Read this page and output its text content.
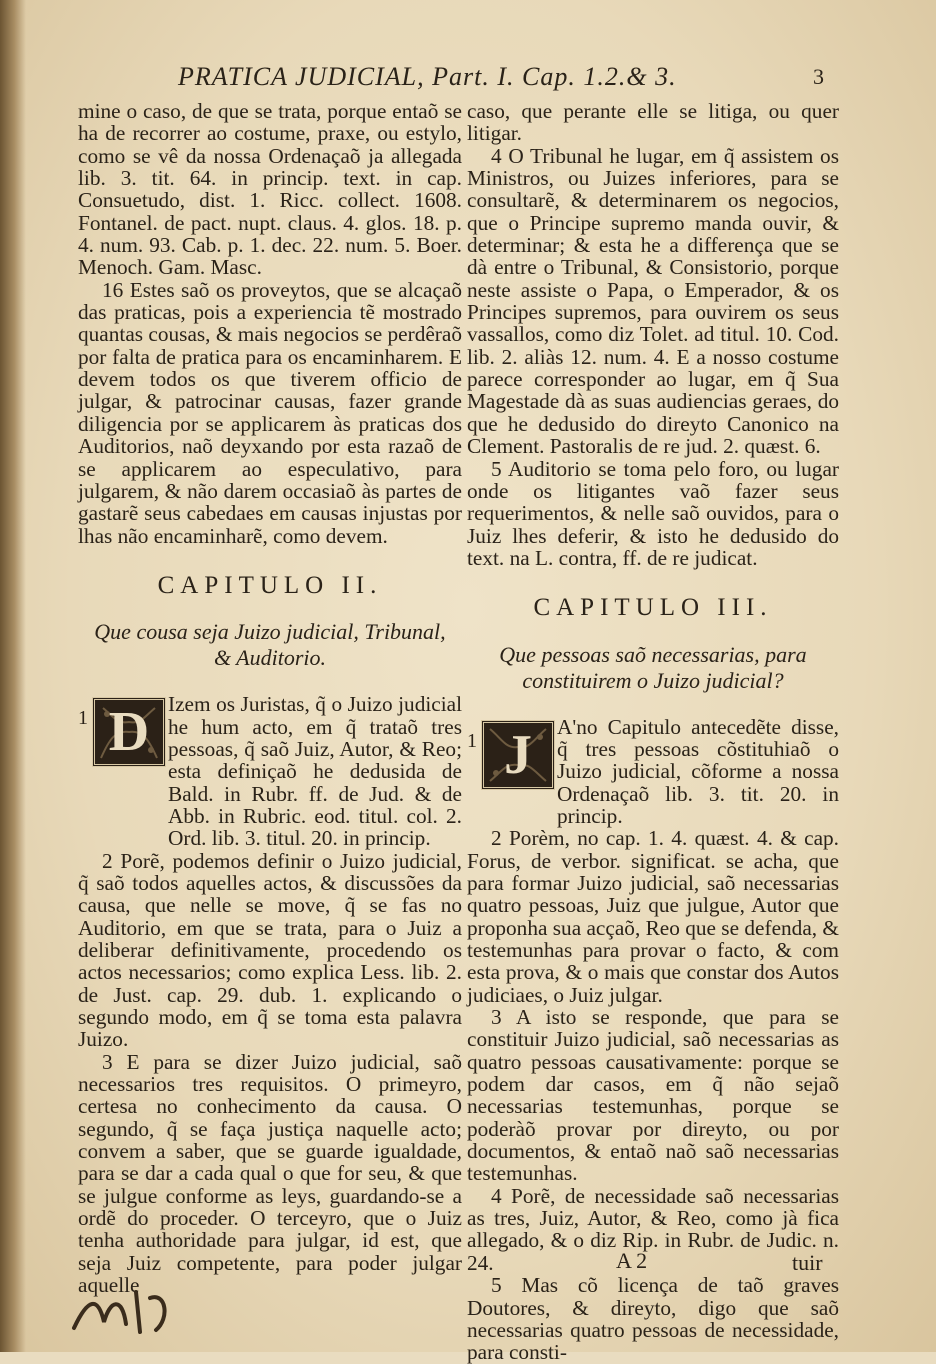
PRATICA JUDICIAL, Part. I. Cap. 1.2.& 3.	3

mine o caso, de que se trata, porque entaõ se ha de recorrer ao costume, praxe, ou estylo, como se vê da nossa Ordenaçaõ ja allegada lib. 3. tit. 64. in princip. text. in cap. Consuetudo, dist. 1. Ricc. collect. 1608. Fontanel. de pact. nupt. claus. 4. glos. 18. p. 4. num. 93. Cab. p. 1. dec. 22. num. 5. Boer. Menoch. Gam. Masc.

16 Estes saõ os proveytos, que se alcaçaõ das praticas, pois a experiencia tẽ mostrado quantas cousas, & mais negocios se perdêraõ por falta de pratica para os encaminharem. E devem todos os que tiverem officio de julgar, & patrocinar causas, fazer grande diligencia por se applicarem às praticas dos Auditorios, naõ deyxando por esta razaõ de se applicarem ao especulativo, para julgarem, & não darem occasiaõ às partes de gastarẽ seus cabedaes em causas injustas por lhas não encaminharẽ, como devem.

CAPITULO II.
Que cousa seja Juizo judicial, Tribunal, & Auditorio.
1 D Izem os Juristas, q̃ o Juizo judicial he hum acto, em q̃ trataõ tres pessoas, q̃ saõ Juiz, Autor, & Reo; esta definiçaõ he dedusida de Bald. in Rubr. ff. de Jud. & de Abb. in Rubric. eod. titul. col. 2. Ord. lib. 3. titul. 20. in princip.

2 Porẽ, podemos definir o Juizo judicial, q̃ saõ todos aquelles actos, & discussões da causa, que nelle se move, q̃ se fas no Auditorio, em que se trata, para o Juiz a deliberar definitivamente, procedendo os actos necessarios; como explica Less. lib. 2. de Just. cap. 29. dub. 1. explicando o segundo modo, em q̃ se toma esta palavra Juizo.

3 E para se dizer Juizo judicial, saõ necessarios tres requisitos. O primeyro, certesa no conhecimento da causa. O segundo, q̃ se faça justiça naquelle acto; convem a saber, que se guarde igualdade, para se dar a cada qual o que for seu, & que se julgue conforme as leys, guardando-se a ordẽ do proceder. O terceyro, que o Juiz tenha authoridade para julgar, id est, que seja Juiz competente, para poder julgar aquelle

caso, que perante elle se litiga, ou quer litigar.

4 O Tribunal he lugar, em q̃ assistem os Ministros, ou Juizes inferiores, para se consultarẽ, & determinarem os negocios, que o Principe supremo manda ouvir, & determinar; & esta he a differença que se dà entre o Tribunal, & Consistorio, porque neste assiste o Papa, o Emperador, & os Principes supremos, para ouvirem os seus vassallos, como diz Tolet. ad titul. 10. Cod. lib. 2. aliàs 12. num. 4. E a nosso costume parece corresponder ao lugar, em q̃ Sua Magestade dà as suas audiencias geraes, do que he dedusido do direyto Canonico na Clement. Pastoralis de re jud. 2. quæst. 6.

5 Auditorio se toma pelo foro, ou lugar onde os litigantes vaõ fazer seus requerimentos, & nelle saõ ouvidos, para o Juiz lhes deferir, & isto he dedusido do text. na L. contra, ff. de re judicat.

CAPITULO III.
Que pessoas saõ necessarias, para constituirem o Juizo judicial?
1 J	A'no Capitulo antecedẽte disse, q̃ tres pessoas cõstituhiaõ o Juizo judicial, cõforme a nossa Ordenaçaõ lib. 3. tit. 20. in princip.

2 Porèm, no cap. 1. 4. quæst. 4. & cap. Forus, de verbor. significat. se acha, que para formar Juizo judicial, saõ necessarias quatro pessoas, Juiz que julgue, Autor que proponha sua acçaõ, Reo que se defenda, & testemunhas para provar o facto, & com esta prova, & o mais que constar dos Autos judiciaes, o Juiz julgar.

3 A isto se responde, que para se constituir Juizo judicial, saõ necessarias as quatro pessoas causativamente: porque se podem dar casos, em q̃ não sejaõ necessarias testemunhas, porque se poderàõ provar por direyto, ou por documentos, & entaõ naõ saõ necessarias testemunhas.

4 Porẽ, de necessidade saõ necessarias as tres, Juiz, Autor, & Reo, como jà fica allegado, & o diz Rip. in Rubr. de Judic. n. 24.

5 Mas cõ licença de taõ graves Doutores, & direyto, digo que saõ necessarias quatro pessoas de necessidade, para consti-

A 2	tuir
